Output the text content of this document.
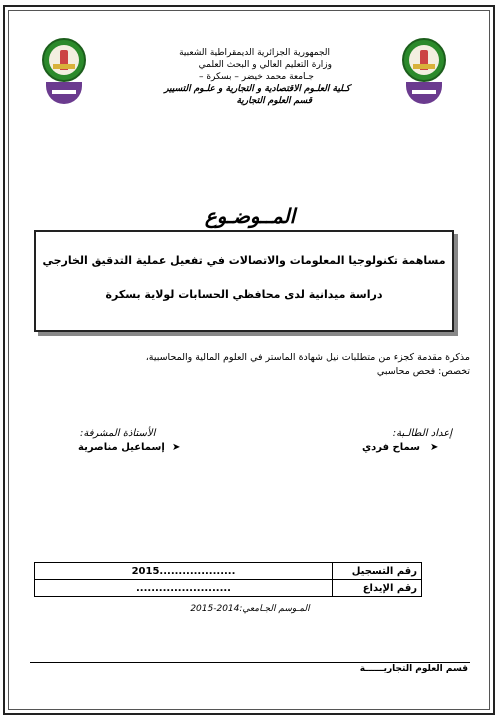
الجمهورية الجزائرية الديمقراطية الشعبية
وزارة التعليم العالي و البحث العلمي
جـامعة محمد خيضر – بسكرة –
كـلية العلـوم الاقتصادية و التجارية و علـوم التسيير
قسم العلوم التجارية
المــوضـوع
مساهمة تكنولوجيا المعلومات والاتصالات في تفعيل عملية التدقيق الخارجي
دراسة ميدانية لدى محافظي الحسابات لولاية بسكرة
مذكرة مقدمة كجزء من متطلبات نيل شهادة الماستر في العلوم المالية والمحاسبية،
تخصص: فحص محاسبي
إعداد الطالـبة:
➤
سماح فردي
الأستاذة المشرفة:
➤
إسماعيل مناصرية
2015....................	رقم التسجيل
.........................	رقم الإيداع
المـوسم الجـامعي:2014-2015
قسم العلوم التجاريــــــة
